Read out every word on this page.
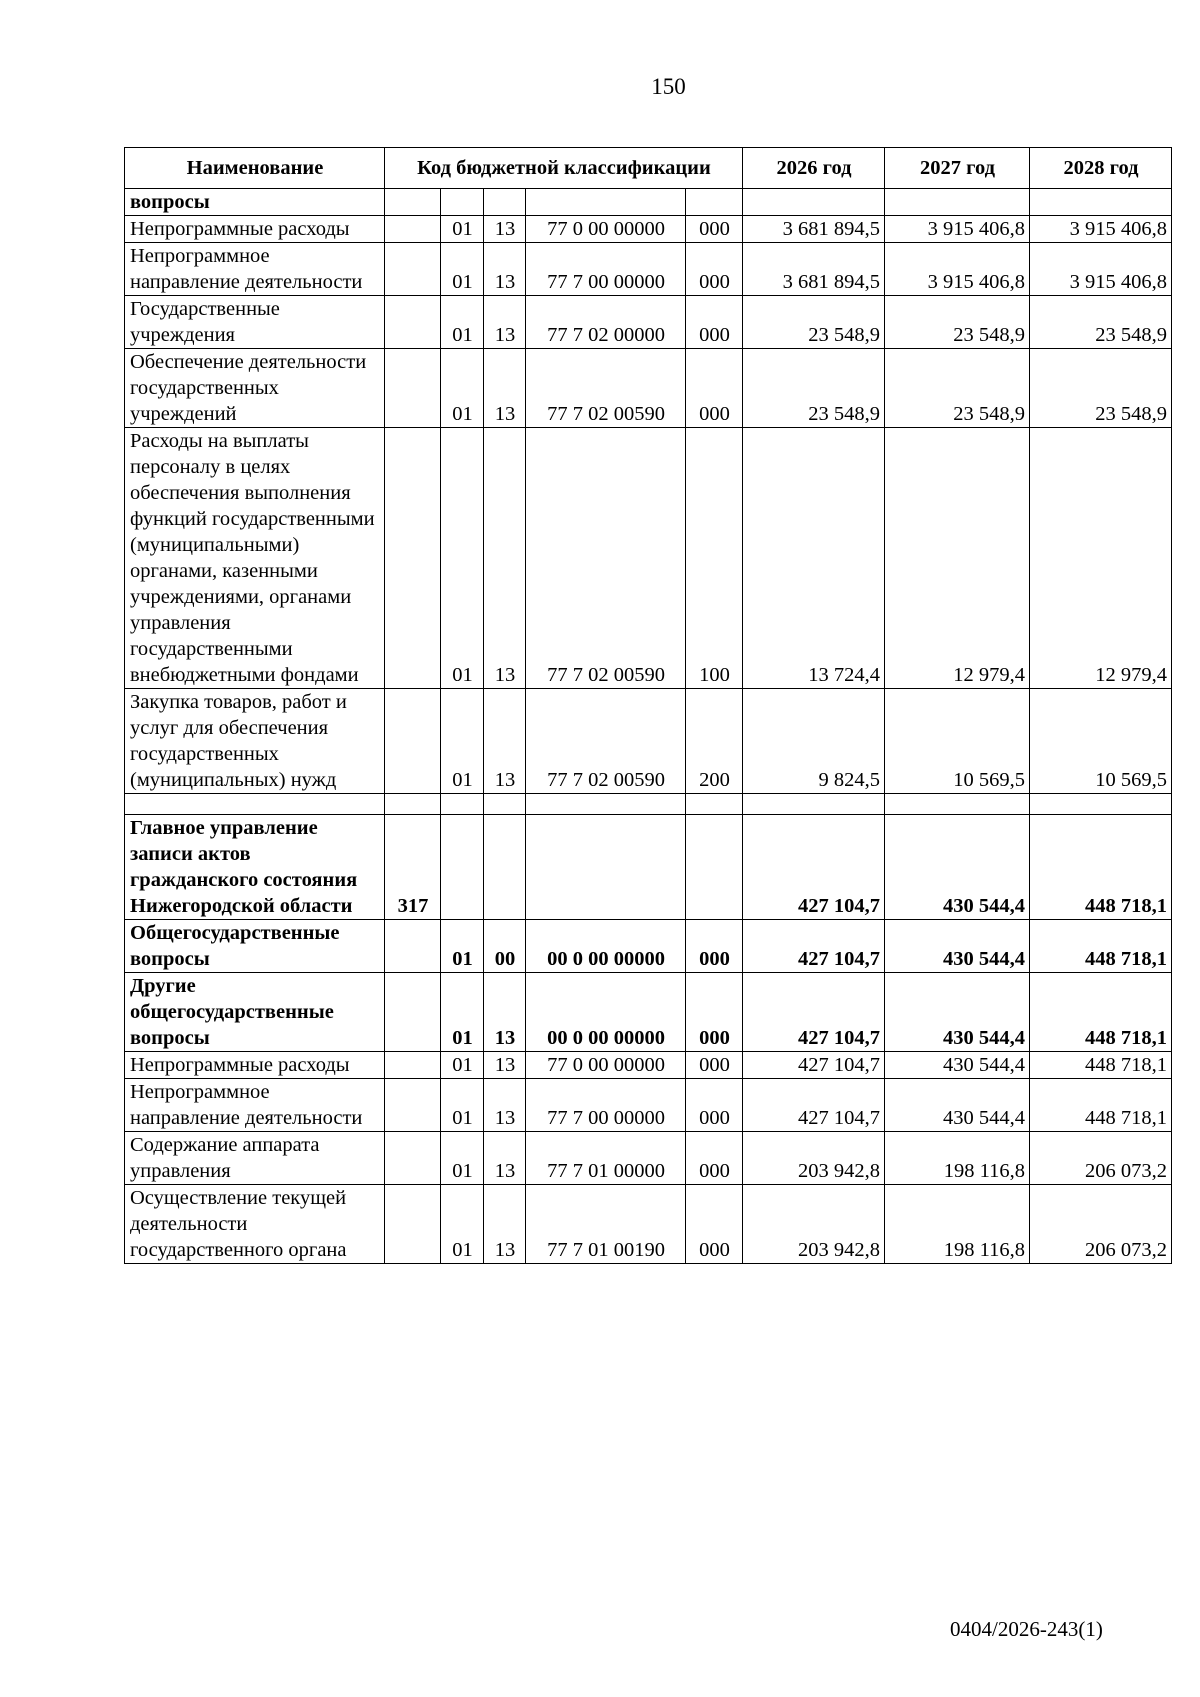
150
Наименование	Код бюджетной классификации					2026 год	2027 год	2028 год
вопросы								
Непрограммные расходы		01	13	77 0 00 00000	000	3 681 894,5	3 915 406,8	3 915 406,8
Непрограммное направление деятельности		01	13	77 7 00 00000	000	3 681 894,5	3 915 406,8	3 915 406,8
Государственные учреждения		01	13	77 7 02 00000	000	23 548,9	23 548,9	23 548,9
Обеспечение деятельности государственных учреждений		01	13	77 7 02 00590	000	23 548,9	23 548,9	23 548,9
Расходы на выплаты персоналу в целях обеспечения выполнения функций государственными (муниципальными) органами, казенными учреждениями, органами управления государственными внебюджетными фондами		01	13	77 7 02 00590	100	13 724,4	12 979,4	12 979,4
Закупка товаров, работ и услуг для обеспечения государственных (муниципальных) нужд		01	13	77 7 02 00590	200	9 824,5	10 569,5	10 569,5

Главное управление записи актов гражданского состояния Нижегородской области	317					427 104,7	430 544,4	448 718,1
Общегосударственные вопросы		01	00	00 0 00 00000	000	427 104,7	430 544,4	448 718,1
Другие общегосударственные вопросы		01	13	00 0 00 00000	000	427 104,7	430 544,4	448 718,1
Непрограммные расходы		01	13	77 0 00 00000	000	427 104,7	430 544,4	448 718,1
Непрограммное направление деятельности		01	13	77 7 00 00000	000	427 104,7	430 544,4	448 718,1
Содержание аппарата управления		01	13	77 7 01 00000	000	203 942,8	198 116,8	206 073,2
Осуществление текущей деятельности государственного органа		01	13	77 7 01 00190	000	203 942,8	198 116,8	206 073,2
0404/2026-243(1)
